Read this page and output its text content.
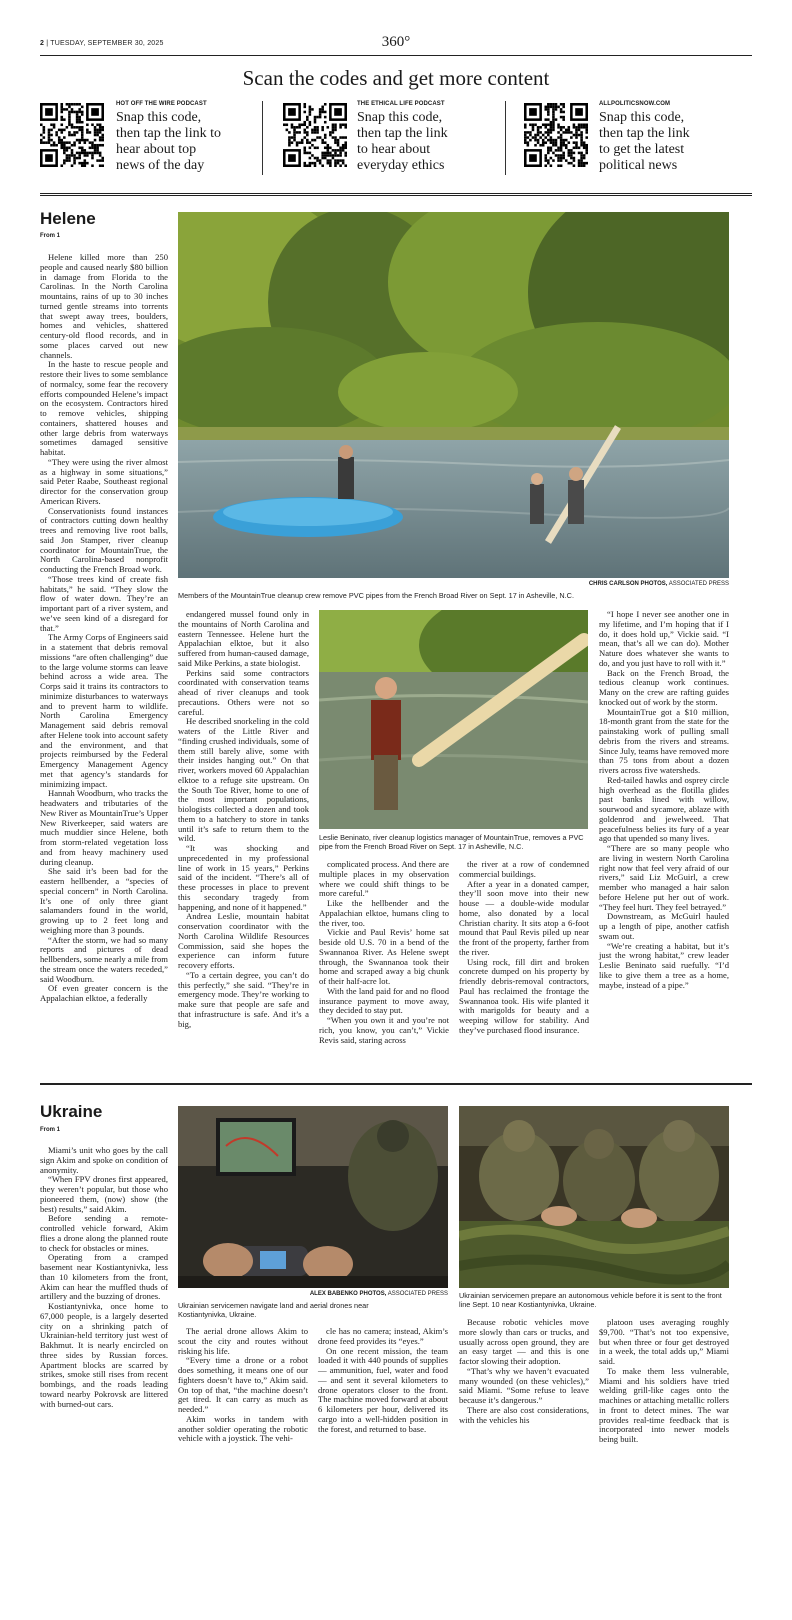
2 | TUESDAY, SEPTEMBER 30, 2025	360°
Scan the codes and get more content
HOT OFF THE WIRE PODCAST
Snap this code, then tap the link to hear about top news of the day
THE ETHICAL LIFE PODCAST
Snap this code, then tap the link to hear about everyday ethics
ALLPOLITICSNOW.COM
Snap this code, then tap the link to get the latest political news
Helene
From 1
CHRIS CARLSON PHOTOS, ASSOCIATED PRESS
Members of the MountainTrue cleanup crew remove PVC pipes from the French Broad River on Sept. 17 in Asheville, N.C.
Leslie Beninato, river cleanup logistics manager of MountainTrue, removes a PVC pipe from the French Broad River on Sept. 17 in Asheville, N.C.

Helene killed more than 250 people and caused nearly $80 billion in damage from Florida to the Carolinas. In the North Carolina mountains, rains of up to 30 inches turned gentle streams into torrents that swept away trees, boulders, homes and vehicles, shattered century-old flood records, and in some places carved out new channels.

In the haste to rescue people and restore their lives to some semblance of normalcy, some fear the recovery efforts compounded Helene’s impact on the ecosystem. Contractors hired to remove vehicles, shipping containers, shattered houses and other large debris from waterways sometimes damaged sensitive habitat.

“They were using the river almost as a highway in some situations,” said Peter Raabe, Southeast regional director for the conservation group American Rivers.

Conservationists found instances of contractors cutting down healthy trees and removing live root balls, said Jon Stamper, river cleanup coordinator for MountainTrue, the North Carolina-based nonprofit conducting the French Broad work.

“Those trees kind of create fish habitats,” he said. “They slow the flow of water down. They’re an important part of a river system, and we’ve seen kind of a disregard for that.”

The Army Corps of Engineers said in a statement that debris removal missions “are often challenging” due to the large volume storms can leave behind across a wide area. The Corps said it trains its contractors to minimize disturbances to waterways and to prevent harm to wildlife. North Carolina Emergency Management said debris removal after Helene took into account safety and the environment, and that projects reimbursed by the Federal Emergency Management Agency met that agency’s standards for minimizing impact.

Hannah Woodburn, who tracks the headwaters and tributaries of the New River as MountainTrue’s Upper New Riverkeeper, said waters are much muddier since Helene, both from storm-related vegetation loss and from heavy machinery used during cleanup.

She said it’s been bad for the eastern hellbender, a “species of special concern” in North Carolina. It’s one of only three giant salamanders found in the world, growing up to 2 feet long and weighing more than 3 pounds.

“After the storm, we had so many reports and pictures of dead hellbenders, some nearly a mile from the stream once the waters receded,” said Woodburn.

Of even greater concern is the Appalachian elktoe, a federally

endangered mussel found only in the mountains of North Carolina and eastern Tennessee. Helene hurt the Appalachian elktoe, but it also suffered from human-caused damage, said Mike Perkins, a state biologist.

Perkins said some contractors coordinated with conservation teams ahead of river cleanups and took precautions. Others were not so careful.

He described snorkeling in the cold waters of the Little River and “finding crushed individuals, some of them still barely alive, some with their insides hanging out.” On that river, workers moved 60 Appalachian elktoe to a refuge site upstream. On the South Toe River, home to one of the most important populations, biologists collected a dozen and took them to a hatchery to store in tanks until it’s safe to return them to the wild.

“It was shocking and unprecedented in my professional line of work in 15 years,” Perkins said of the incident. “There’s all of these processes in place to prevent this secondary tragedy from happening, and none of it happened.”

Andrea Leslie, mountain habitat conservation coordinator with the North Carolina Wildlife Resources Commission, said she hopes the experience can inform future recovery efforts.

“To a certain degree, you can’t do this perfectly,” she said. “They’re in emergency mode. They’re working to make sure that people are safe and that infrastructure is safe. And it’s a big,

complicated process. And there are multiple places in my observation where we could shift things to be more careful.”

Like the hellbender and the Appalachian elktoe, humans cling to the river, too.

Vickie and Paul Revis’ home sat beside old U.S. 70 in a bend of the Swannanoa River. As Helene swept through, the Swannanoa took their home and scraped away a big chunk of their half-acre lot.

With the land paid for and no flood insurance payment to move away, they decided to stay put.

“When you own it and you’re not rich, you know, you can’t,” Vickie Revis said, staring across

the river at a row of condemned commercial buildings.

After a year in a donated camper, they’ll soon move into their new house — a double-wide modular home, also donated by a local Christian charity. It sits atop a 6-foot mound that Paul Revis piled up near the front of the property, farther from the river.

Using rock, fill dirt and broken concrete dumped on his property by friendly debris-removal contractors, Paul has reclaimed the frontage the Swannanoa took. His wife planted it with marigolds for beauty and a weeping willow for stability. And they’ve purchased flood insurance.

“I hope I never see another one in my lifetime, and I’m hoping that if I do, it does hold up,” Vickie said. “I mean, that’s all we can do). Mother Nature does whatever she wants to do, and you just have to roll with it.”

Back on the French Broad, the tedious cleanup work continues. Many on the crew are rafting guides knocked out of work by the storm.

MountainTrue got a $10 million, 18-month grant from the state for the painstaking work of pulling small debris from the rivers and streams. Since July, teams have removed more than 75 tons from about a dozen rivers across five watersheds.

Red-tailed hawks and osprey circle high overhead as the flotilla glides past banks lined with willow, sourwood and sycamore, ablaze with goldenrod and jewelweed. That peacefulness belies its fury of a year ago that upended so many lives.

“There are so many people who are living in western North Carolina right now that feel very afraid of our rivers,” said Liz McGuirl, a crew member who managed a hair salon before Helene put her out of work. “They feel hurt. They feel betrayed.”

Downstream, as McGuirl hauled up a length of pipe, another catfish swam out.

“We’re creating a habitat, but it’s just the wrong habitat,” crew leader Leslie Beninato said ruefully. “I’d like to give them a tree as a home, maybe, instead of a pipe.”

Ukraine
From 1
ALEX BABENKO PHOTOS, ASSOCIATED PRESS
Ukrainian servicemen navigate land and aerial drones near Kostiantynivka, Ukraine.
Ukrainian servicemen prepare an autonomous vehicle before it is sent to the front line Sept. 10 near Kostiantynivka, Ukraine.

Miami’s unit who goes by the call sign Akim and spoke on condition of anonymity.

“When FPV drones first appeared, they weren’t popular, but those who pioneered them, (now) show (the best) results,” said Akim.

Before sending a remote-controlled vehicle forward, Akim flies a drone along the planned route to check for obstacles or mines.

Operating from a cramped basement near Kostiantynivka, less than 10 kilometers from the front, Akim can hear the muffled thuds of artillery and the buzzing of drones.

Kostiantynivka, once home to 67,000 people, is a largely deserted city on a shrinking patch of Ukrainian-held territory just west of Bakhmut. It is nearly encircled on three sides by Russian forces. Apartment blocks are scarred by strikes, smoke still rises from recent bombings, and the roads leading toward nearby Pokrovsk are littered with burned-out cars.

The aerial drone allows Akim to scout the city and routes without risking his life.

“Every time a drone or a robot does something, it means one of our fighters doesn’t have to,” Akim said. On top of that, “the machine doesn’t get tired. It can carry as much as needed.”

Akim works in tandem with another soldier operating the robotic vehicle with a joystick. The vehi-

cle has no camera; instead, Akim’s drone feed provides its “eyes.”

On one recent mission, the team loaded it with 440 pounds of supplies — ammunition, fuel, water and food — and sent it several kilometers to drone operators closer to the front. The machine moved forward at about 6 kilometers per hour, delivered its cargo into a well-hidden position in the forest, and returned to base.

Because robotic vehicles move more slowly than cars or trucks, and usually across open ground, they are an easy target — and this is one factor slowing their adoption.

“That’s why we haven’t evacuated many wounded (on these vehicles),” said Miami. “Some refuse to leave because it’s dangerous.”

There are also cost considerations, with the vehicles his

platoon uses averaging roughly $9,700. “That’s not too expensive, but when three or four get destroyed in a week, the total adds up,” Miami said.

To make them less vulnerable, Miami and his soldiers have tried welding grill-like cages onto the machines or attaching metallic rollers in front to detect mines. The war provides real-time feedback that is incorporated into newer models being built.
